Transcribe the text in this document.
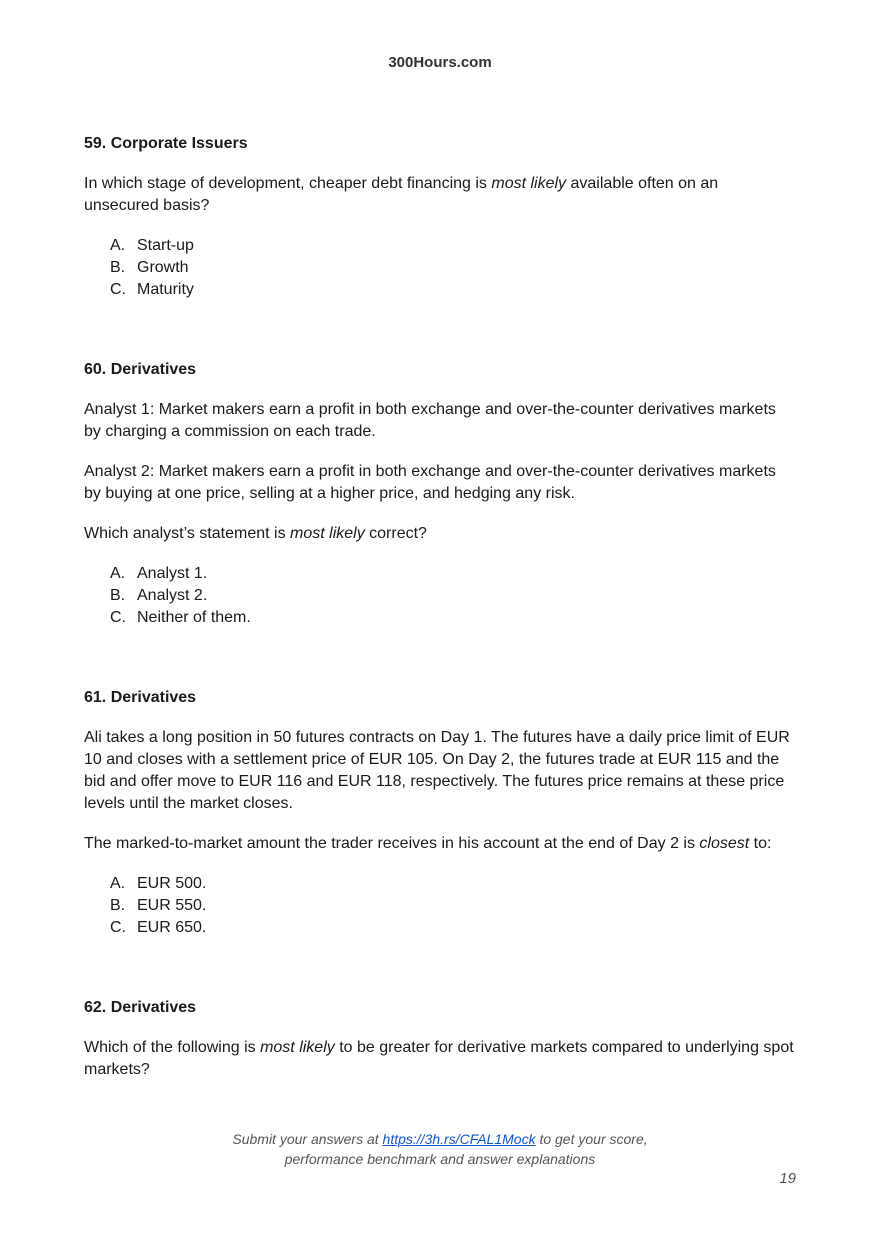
300Hours.com

59. Corporate Issuers

In which stage of development, cheaper debt financing is most likely available often on an unsecured basis?

A. Start-up
B. Growth
C. Maturity

60. Derivatives

Analyst 1: Market makers earn a profit in both exchange and over-the-counter derivatives markets by charging a commission on each trade.

Analyst 2: Market makers earn a profit in both exchange and over-the-counter derivatives markets by buying at one price, selling at a higher price, and hedging any risk.

Which analyst’s statement is most likely correct?

A. Analyst 1.
B. Analyst 2.
C. Neither of them.

61. Derivatives

Ali takes a long position in 50 futures contracts on Day 1. The futures have a daily price limit of EUR 10 and closes with a settlement price of EUR 105. On Day 2, the futures trade at EUR 115 and the bid and offer move to EUR 116 and EUR 118, respectively. The futures price remains at these price levels until the market closes.

The marked-to-market amount the trader receives in his account at the end of Day 2 is closest to:

A. EUR 500.
B. EUR 550.
C. EUR 650.

62. Derivatives

Which of the following is most likely to be greater for derivative markets compared to underlying spot markets?

Submit your answers at https://3h.rs/CFAL1Mock to get your score,
performance benchmark and answer explanations
19
